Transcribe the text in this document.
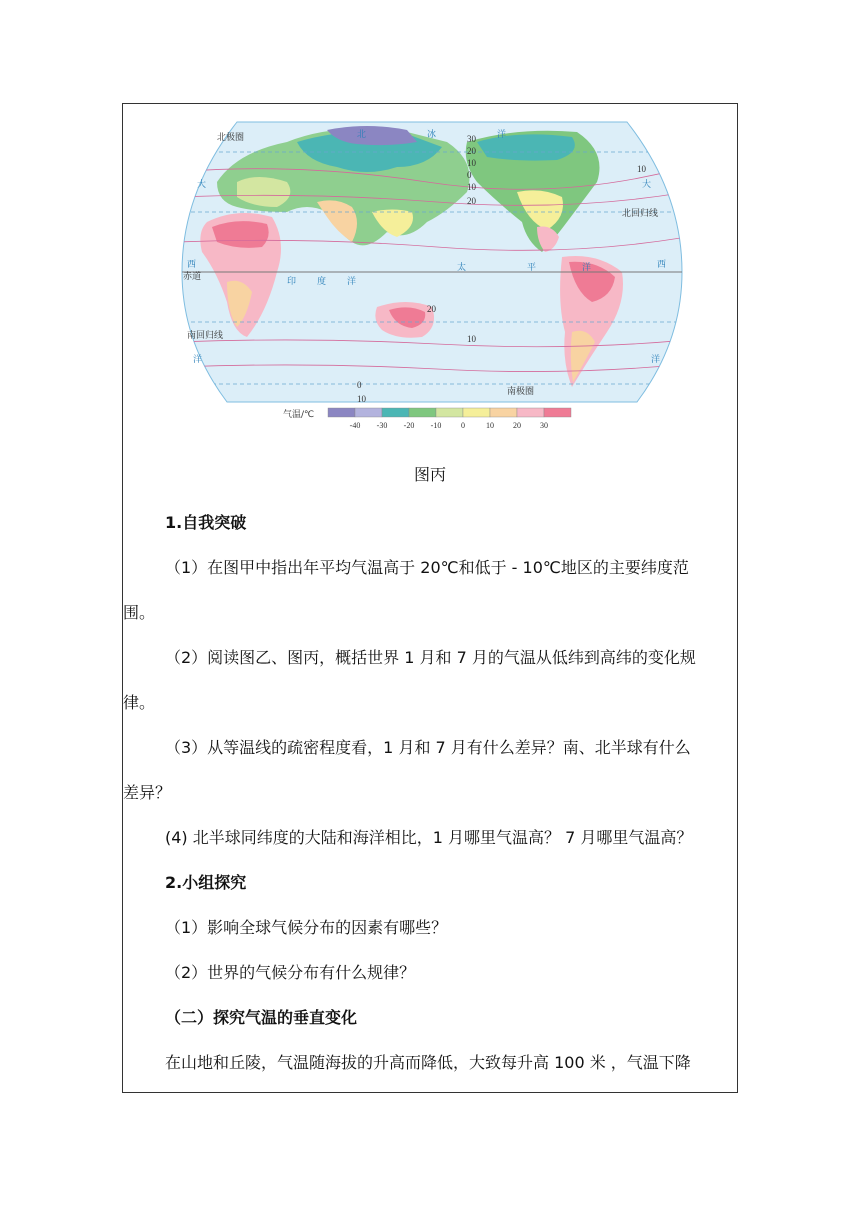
北	冰	洋
大
西
洋
印 度 洋
太	平	洋
大
西
洋
北极圈
北回归线
赤道
南回归线
南极圈
30
20
10
0
10
20
10
0
10
20
10
气温/℃
-40 -30 -20 -10 0	10 20 30
图丙
1.自我突破
（1）在图甲中指出年平均气温高于 20℃和低于 - 10℃地区的主要纬度范
围。
（2）阅读图乙、图丙，概括世界 1 月和 7 月的气温从低纬到高纬的变化规
律。
（3）从等温线的疏密程度看，1 月和 7 月有什么差异？南、北半球有什么
差异？
(4) 北半球同纬度的大陆和海洋相比，1 月哪里气温高？ 7 月哪里气温高？
2.小组探究
（1）影响全球气候分布的因素有哪些？
（2）世界的气候分布有什么规律？
（二）探究气温的垂直变化
在山地和丘陵，气温随海拔的升高而降低，大致每升高 100 米 ，气温下降
